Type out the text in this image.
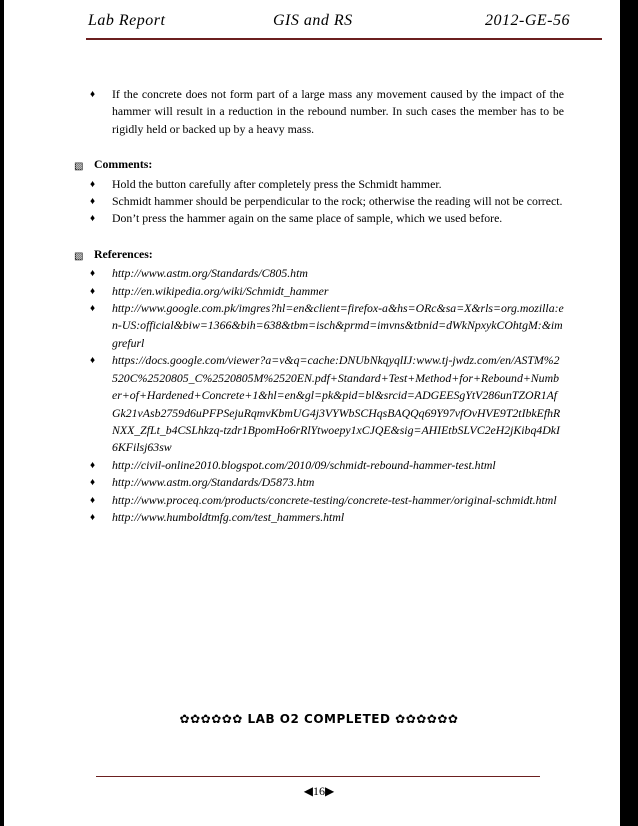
Lab Report	GIS and RS	2012-GE-56
♦	If the concrete does not form part of a large mass any movement caused by the impact of the hammer will result in a reduction in the rebound number. In such cases the member has to be rigidly held or backed up by a heavy mass.
▧ Comments:
♦	Hold the button carefully after completely press the Schmidt hammer.
♦	Schmidt hammer should be perpendicular to the rock; otherwise the reading will not be correct.
♦	Don’t press the hammer again on the same place of sample, which we used before.
▧ References:
♦	http://www.astm.org/Standards/C805.htm
♦	http://en.wikipedia.org/wiki/Schmidt_hammer
♦	http://www.google.com.pk/imgres?hl=en&client=firefox-a&hs=ORc&sa=X&rls=org.mozilla:en-US:official&biw=1366&bih=638&tbm=isch&prmd=imvns&tbnid=dWkNpxykCOhtgM:&imgrefurl
♦	https://docs.google.com/viewer?a=v&q=cache:DNUbNkqyqlIJ:www.tj-jwdz.com/en/ASTM%2520C%2520805_C%2520805M%2520EN.pdf+Standard+Test+Method+for+Rebound+Number+of+Hardened+Concrete+1&hl=en&gl=pk&pid=bl&srcid=ADGEESgYtV286unTZOR1AfGk21vAsb2759d6uPFPSejuRqmvKbmUG4j3VYWbSCHqsBAQQq69Y97vfOvHVE9T2tIbkEfhRNXX_ZfLt_b4CSLhkzq-tzdr1BpomHo6rRlYtwoepy1xCJQE&sig=AHIEtbSLVC2eH2jKibq4DkI6KFilsj63sw
♦	http://civil-online2010.blogspot.com/2010/09/schmidt-rebound-hammer-test.html
♦	http://www.astm.org/Standards/D5873.htm
♦	http://www.proceq.com/products/concrete-testing/concrete-test-hammer/original-schmidt.html
♦	http://www.humboldtmfg.com/test_hammers.html
✿✿✿✿✿✿ LAB O2 COMPLETED ✿✿✿✿✿✿
◀16▶
